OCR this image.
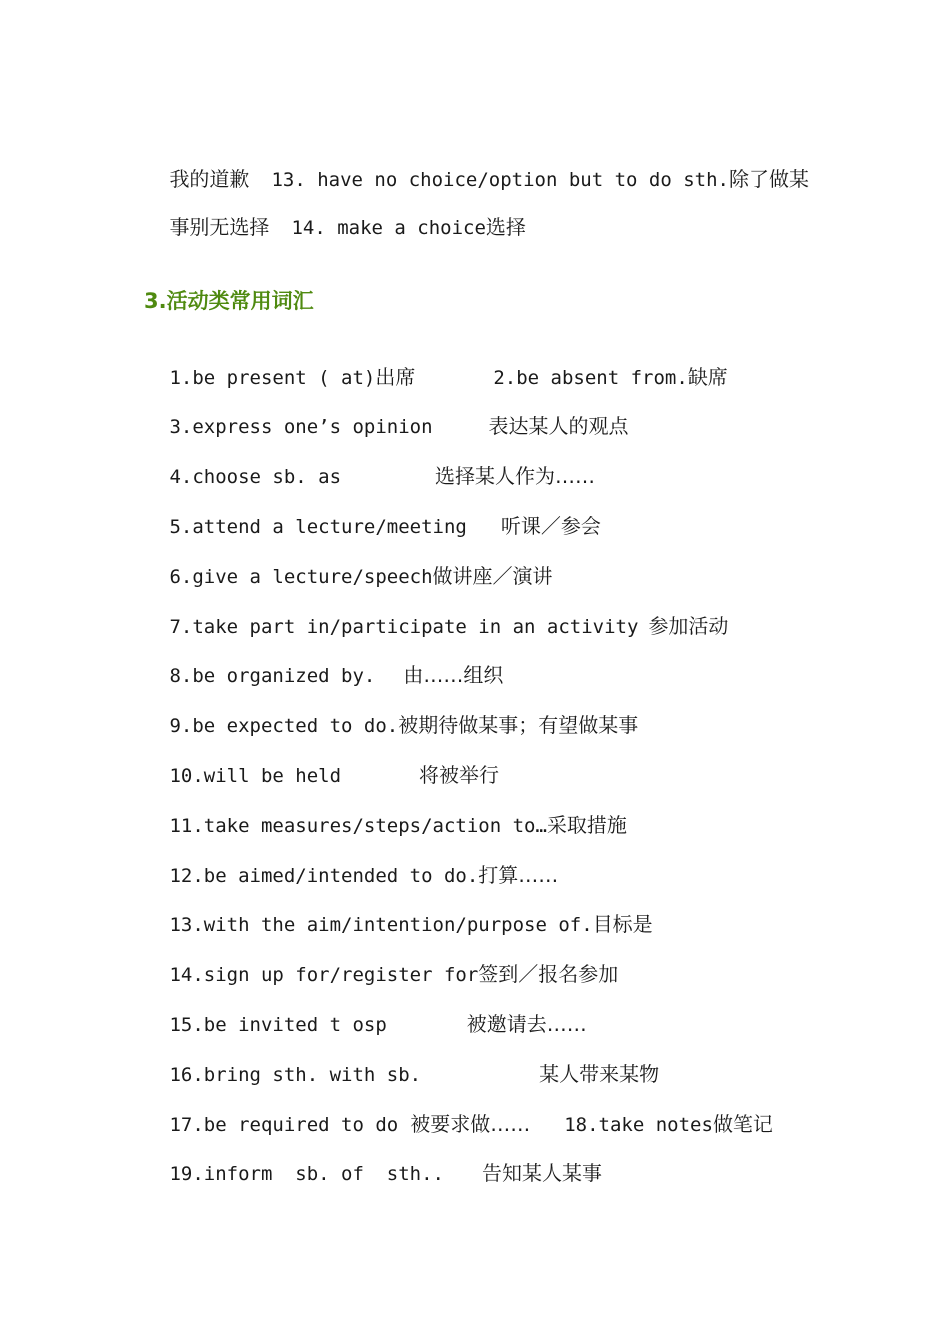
我的道歉 13. have no choice/option but to do sth.除了做某

事别无选择 14. make a choice选择

3.活动类常用词汇

1.be present ( at)出席	2.be absent from.缺席

3.express one’s opinion	表达某人的观点

4.choose sb. as	选择某人作为……

5.attend a lecture/meeting 听课／参会

6.give a lecture/speech做讲座／演讲

7.take part in/participate in an activity 参加活动

8.be organized by. 由……组织

9.be expected to do.被期待做某事；有望做某事

10.will be held	将被举行

11.take measures/steps/action to…采取措施

12.be aimed/intended to do.打算……

13.with the aim/intention/purpose of.目标是

14.sign up for/register for签到／报名参加

15.be invited t osp	被邀请去……

16.bring sth. with sb.	某人带来某物

17.be required to do 被要求做…… 18.take notes做笔记

19.inform  sb. of  sth.. 告知某人某事
